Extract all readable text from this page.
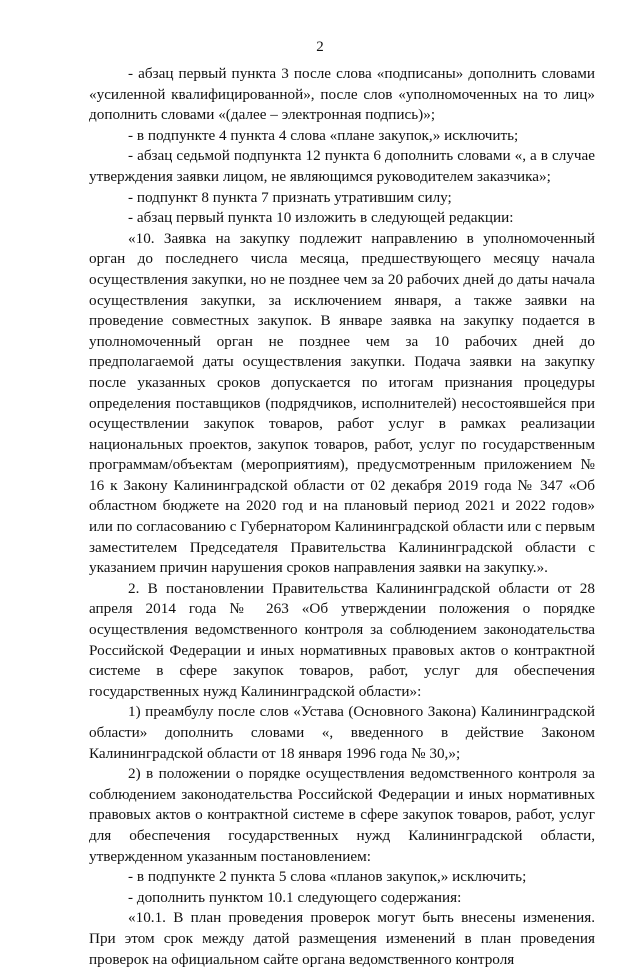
2

- абзац первый пункта 3 после слова «подписаны» дополнить словами «усиленной квалифицированной», после слов «уполномоченных на то лиц» дополнить словами «(далее – электронная подпись)»;

- в подпункте 4 пункта 4 слова «плане закупок,» исключить;

- абзац седьмой подпункта 12 пункта 6 дополнить словами «, а в случае утверждения заявки лицом, не являющимся руководителем заказчика»;

- подпункт 8 пункта 7 признать утратившим силу;

- абзац первый пункта 10 изложить в следующей редакции:

«10. Заявка на закупку подлежит направлению в уполномоченный орган до последнего числа месяца, предшествующего месяцу начала осуществления закупки, но не позднее чем за 20 рабочих дней до даты начала осуществления закупки, за исключением января, а также заявки на проведение совместных закупок. В январе заявка на закупку подается в уполномоченный орган не позднее чем за 10 рабочих дней до предполагаемой даты осуществления закупки. Подача заявки на закупку после указанных сроков допускается по итогам признания процедуры определения поставщиков (подрядчиков, исполнителей) несостоявшейся при осуществлении закупок товаров, работ услуг в рамках реализации национальных проектов, закупок товаров, работ, услуг по государственным программам/объектам (мероприятиям), предусмотренным приложением № 16 к Закону Калининградской области от 02 декабря 2019 года № 347 «Об областном бюджете на 2020 год и на плановый период 2021 и 2022 годов» или по согласованию с Губернатором Калининградской области или с первым заместителем Председателя Правительства Калининградской области с указанием причин нарушения сроков направления заявки на закупку.».

2. В постановлении Правительства Калининградской области от 28 апреля 2014 года № 263 «Об утверждении положения о порядке осуществления ведомственного контроля за соблюдением законодательства Российской Федерации и иных нормативных правовых актов о контрактной системе в сфере закупок товаров, работ, услуг для обеспечения государственных нужд Калининградской области»:

1) преамбулу после слов «Устава (Основного Закона) Калининградской области» дополнить словами «, введенного в действие Законом Калининградской области от 18 января 1996 года № 30,»;

2) в положении о порядке осуществления ведомственного контроля за соблюдением законодательства Российской Федерации и иных нормативных правовых актов о контрактной системе в сфере закупок товаров, работ, услуг для обеспечения государственных нужд Калининградской области, утвержденном указанным постановлением:

- в подпункте 2 пункта 5 слова «планов закупок,» исключить;

- дополнить пунктом 10.1 следующего содержания:

«10.1. В план проведения проверок могут быть внесены изменения. При этом срок между датой размещения изменений в план проведения проверок на официальном сайте органа ведомственного контроля
